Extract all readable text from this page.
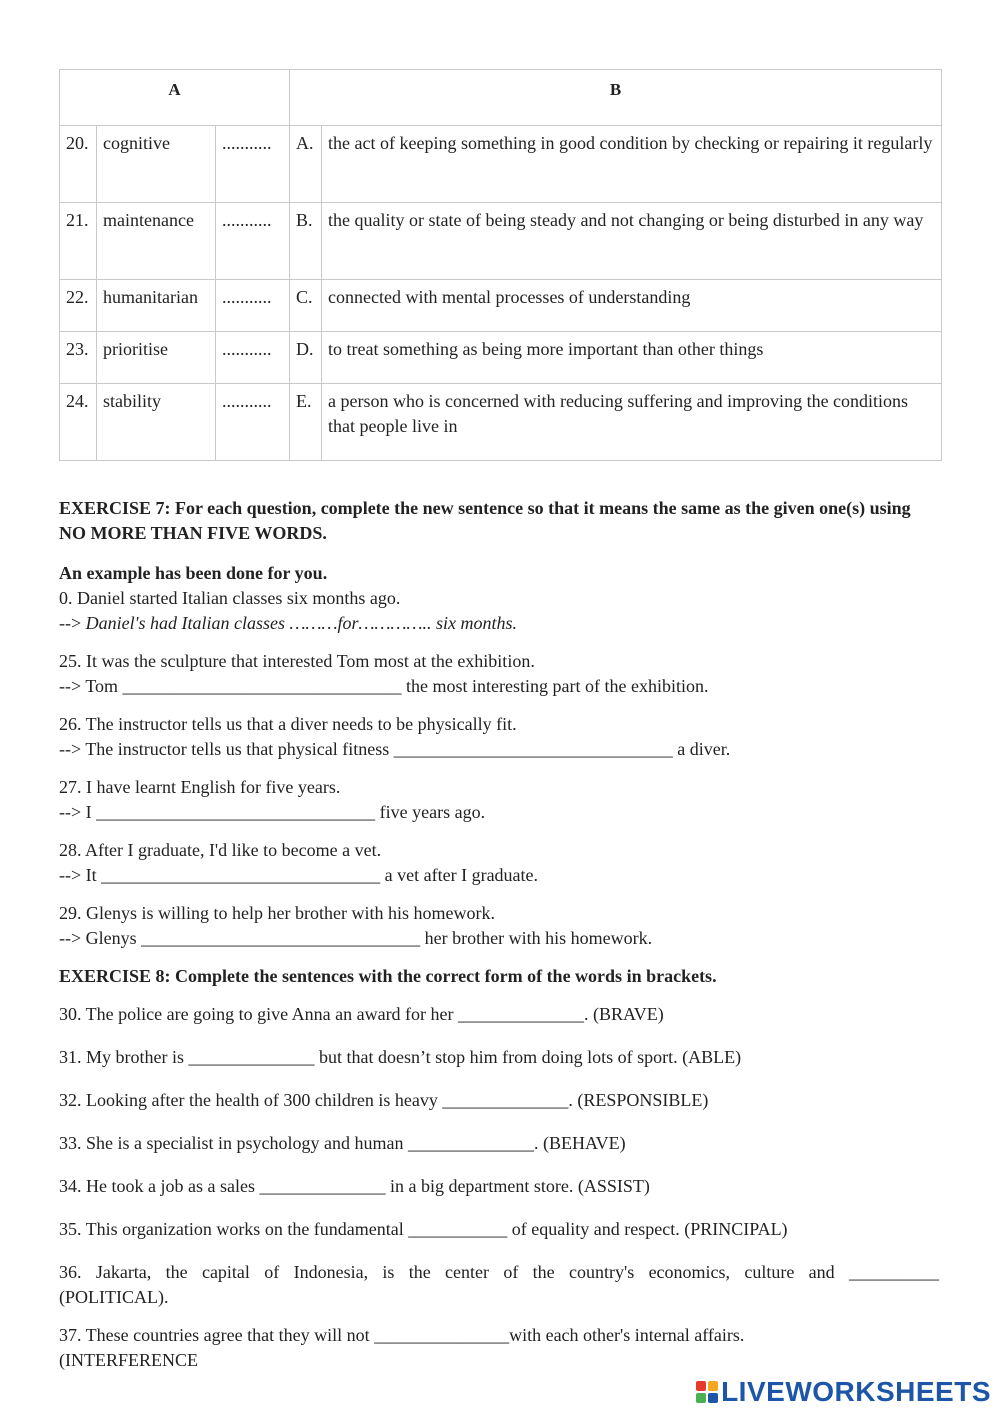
A			B	
20.	cognitive	...........	A.	the act of keeping something in good condition by checking or repairing it regularly
21.	maintenance	...........	B.	the quality or state of being steady and not changing or being disturbed in any way
22.	humanitarian	...........	C.	connected with mental processes of understanding
23.	prioritise	...........	D.	to treat something as being more important than other things
24.	stability	...........	E.	a person who is concerned with reducing suffering and improving the conditions that people live in

EXERCISE 7: For each question, complete the new sentence so that it means the same as the given one(s) using NO MORE THAN FIVE WORDS.

An example has been done for you.

0. Daniel started Italian classes six months ago.

--> Daniel's had Italian classes ………for………….. six months.

25. It was the sculpture that interested Tom most at the exhibition.

--> Tom _______________________________ the most interesting part of the exhibition.

26. The instructor tells us that a diver needs to be physically fit.

--> The instructor tells us that physical fitness _______________________________ a diver.

27. I have learnt English for five years.

--> I _______________________________ five years ago.

28. After I graduate, I'd like to become a vet.

--> It _______________________________ a vet after I graduate.

29. Glenys is willing to help her brother with his homework.

--> Glenys _______________________________ her brother with his homework.

EXERCISE 8: Complete the sentences with the correct form of the words in brackets.

30. The police are going to give Anna an award for her ______________. (BRAVE)

31. My brother is ______________ but that doesn’t stop him from doing lots of sport. (ABLE)

32. Looking after the health of 300 children is heavy ______________. (RESPONSIBLE)

33. She is a specialist in psychology and human ______________. (BEHAVE)

34. He took a job as a sales ______________ in a big department store. (ASSIST)

35. This organization works on the fundamental ___________ of equality and respect. (PRINCIPAL)

36. Jakarta, the capital of Indonesia, is the center of the country's economics, culture and __________

(POLITICAL).

37. These countries agree that they will not _______________with each other's internal affairs.

(INTERFERENCE

LIVEWORKSHEETS
